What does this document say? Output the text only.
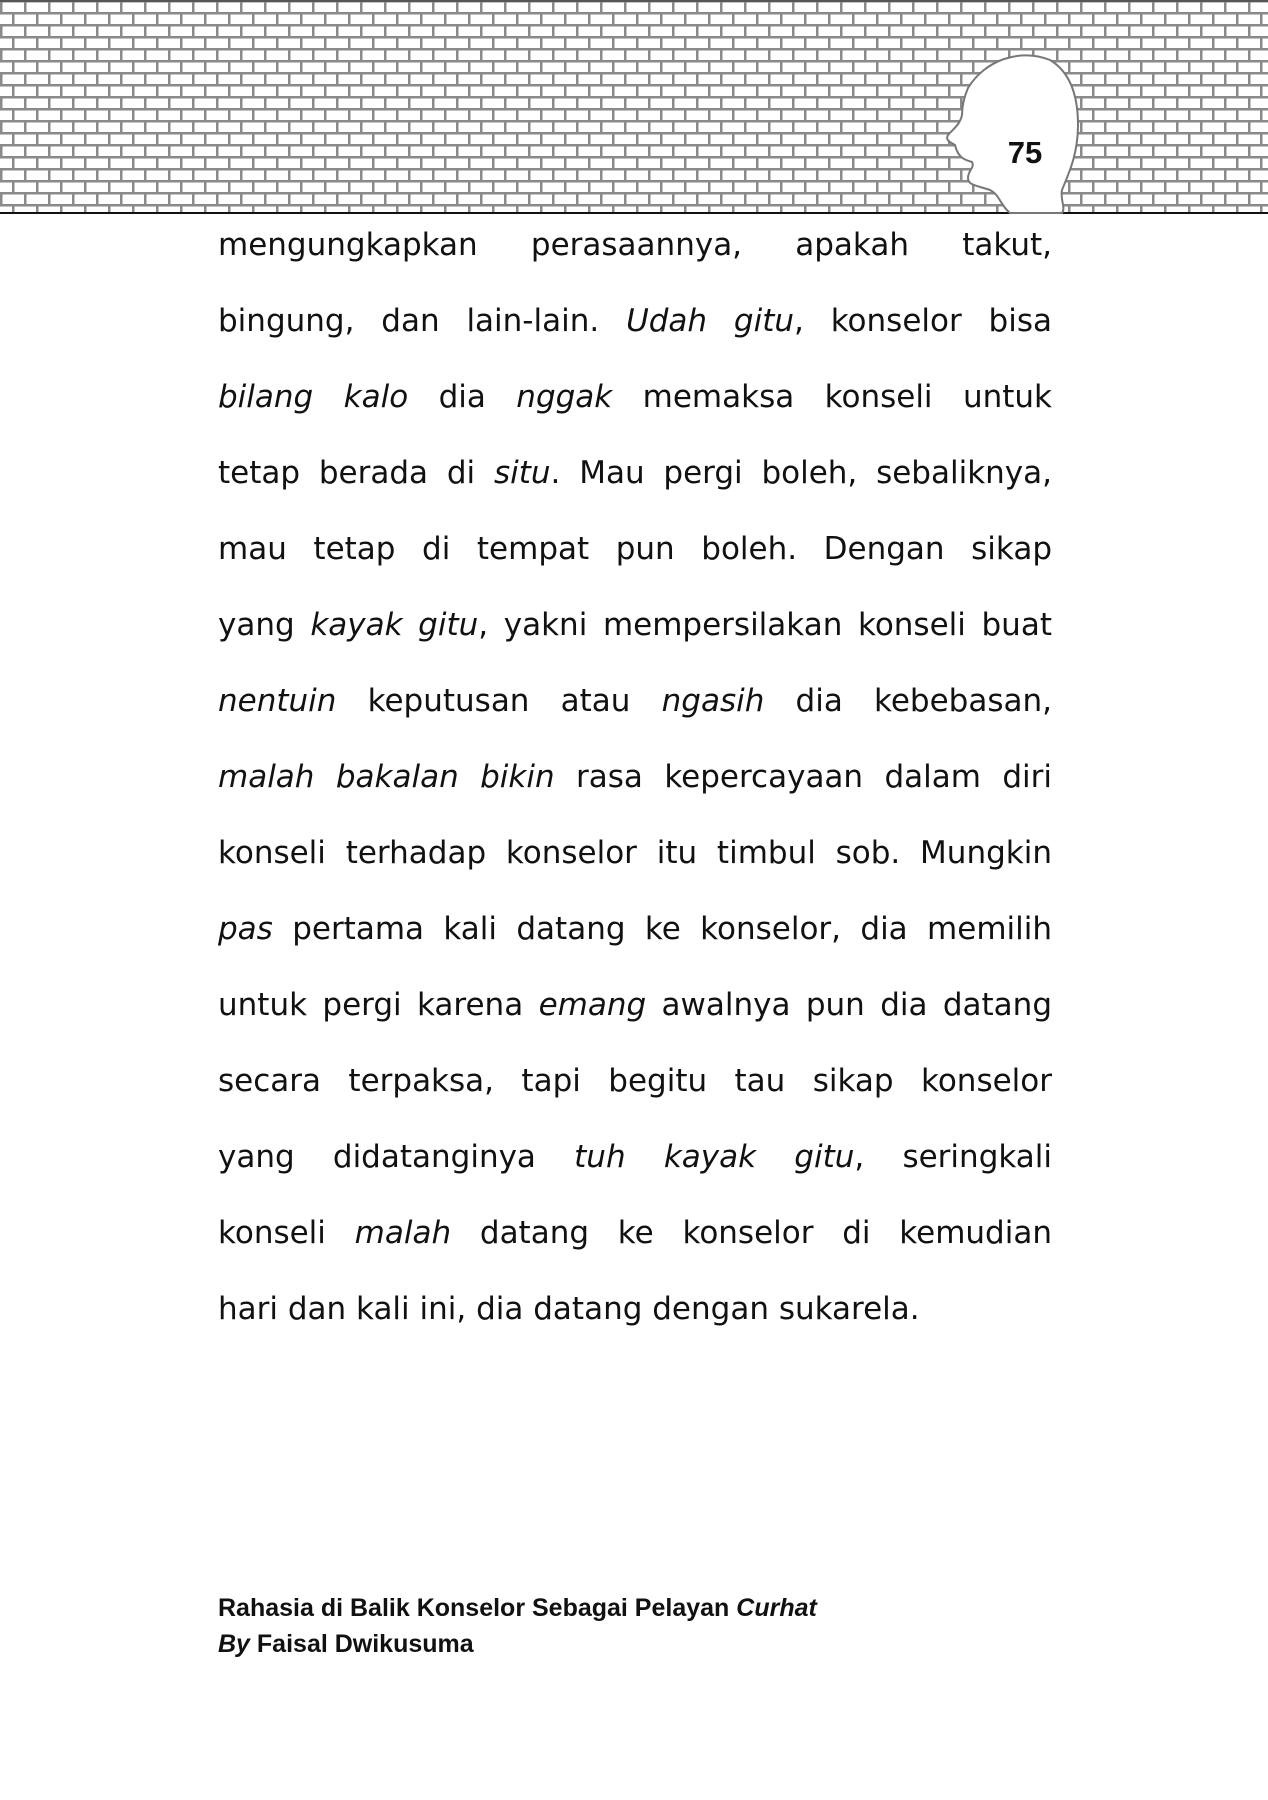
75
mengungkapkan perasaannya, apakah takut,
bingung, dan lain-lain. Udah gitu, konselor bisa
bilang kalo dia nggak memaksa konseli untuk
tetap berada di situ. Mau pergi boleh, sebaliknya,
mau tetap di tempat pun boleh. Dengan sikap
yang kayak gitu, yakni mempersilakan konseli buat
nentuin keputusan atau ngasih dia kebebasan,
malah bakalan bikin rasa kepercayaan dalam diri
konseli terhadap konselor itu timbul sob. Mungkin
pas pertama kali datang ke konselor, dia memilih
untuk pergi karena emang awalnya pun dia datang
secara terpaksa, tapi begitu tau sikap konselor
yang didatanginya tuh kayak gitu, seringkali
konseli malah datang ke konselor di kemudian
hari dan kali ini, dia datang dengan sukarela.
Rahasia di Balik Konselor Sebagai Pelayan Curhat
By Faisal Dwikusuma
